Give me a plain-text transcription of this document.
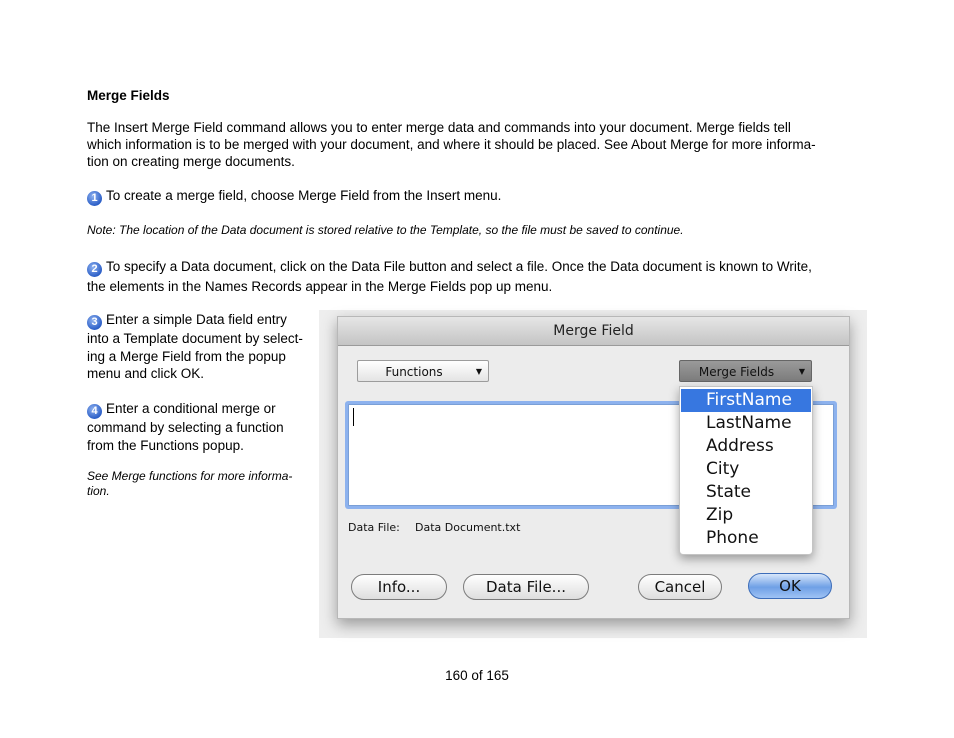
Merge Fields
The Insert Merge Field command allows you to enter merge data and commands into your document. Merge fields tell
which information is to be merged with your document, and where it should be placed. See About Merge for more informa-
tion on creating merge documents.
1 To create a merge field, choose Merge Field from the Insert menu.
Note: The location of the Data document is stored relative to the Template, so the file must be saved to continue.
2 To specify a Data document, click on the Data File button and select a file. Once the Data document is known to Write,
the elements in the Names Records appear in the Merge Fields pop up menu.
3 Enter a simple Data field entry
into a Template document by select-
ing a Merge Field from the popup
menu and click OK.
4 Enter a conditional merge or
command by selecting a function
from the Functions popup.
See Merge functions for more informa-
tion.
Merge Field
Functions	▼	Merge Fields	▼
Data File: Data Document.txt
Info...	Data File...	Cancel	OK
FirstName
LastName
Address
City
State
Zip
Phone
160 of 165
